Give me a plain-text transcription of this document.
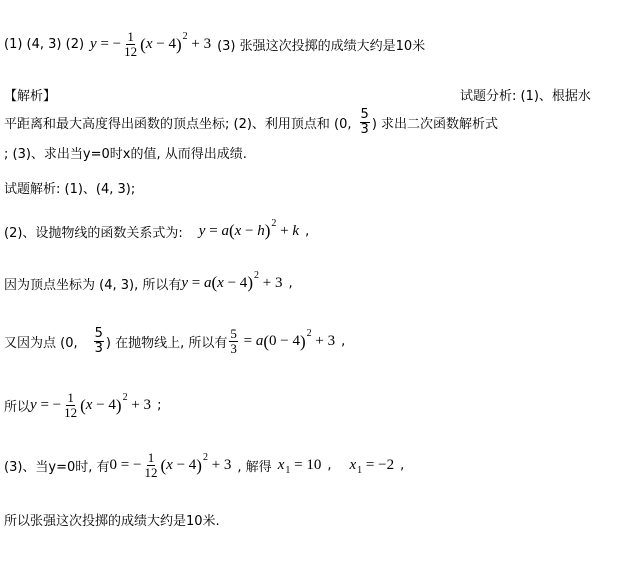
(1) (4, 3) (2) y = − $\frac{1}{12}$ ( x − 4 ) 2 + 3 (3) 张强这次投掷的成绩大约是10米
【解析】	试题分析: (1)、根据水
平距离和最大高度得出函数的顶点坐标; (2)、利用顶点和 (0, $\frac{5}{3}$ ) 求出二次函数解析式
; (3)、求出当y=0时x的值, 从而得出成绩.
试题解析: (1)、(4, 3);
(2)、设抛物线的函数关系式为: y = a ( x − h ) 2 + k ,
因为顶点坐标为 (4, 3), 所以有 y = a ( x − 4 ) 2 + 3 ,
又因为点 (0, $\frac{5}{3}$ ) 在抛物线上, 所以有 $\frac{5}{3} = a$ ( 0 − 4 ) 2 + 3 ,
所以 y = − $\frac{1}{12}$ ( x − 4 ) 2 + 3 ;
(3)、当y=0时, 有 0 = − $\frac{1}{12}$ ( x − 4 ) 2 + 3 , 解得 x 1 = 10 , x 1 = −2 ,
所以张强这次投掷的成绩大约是10米.
